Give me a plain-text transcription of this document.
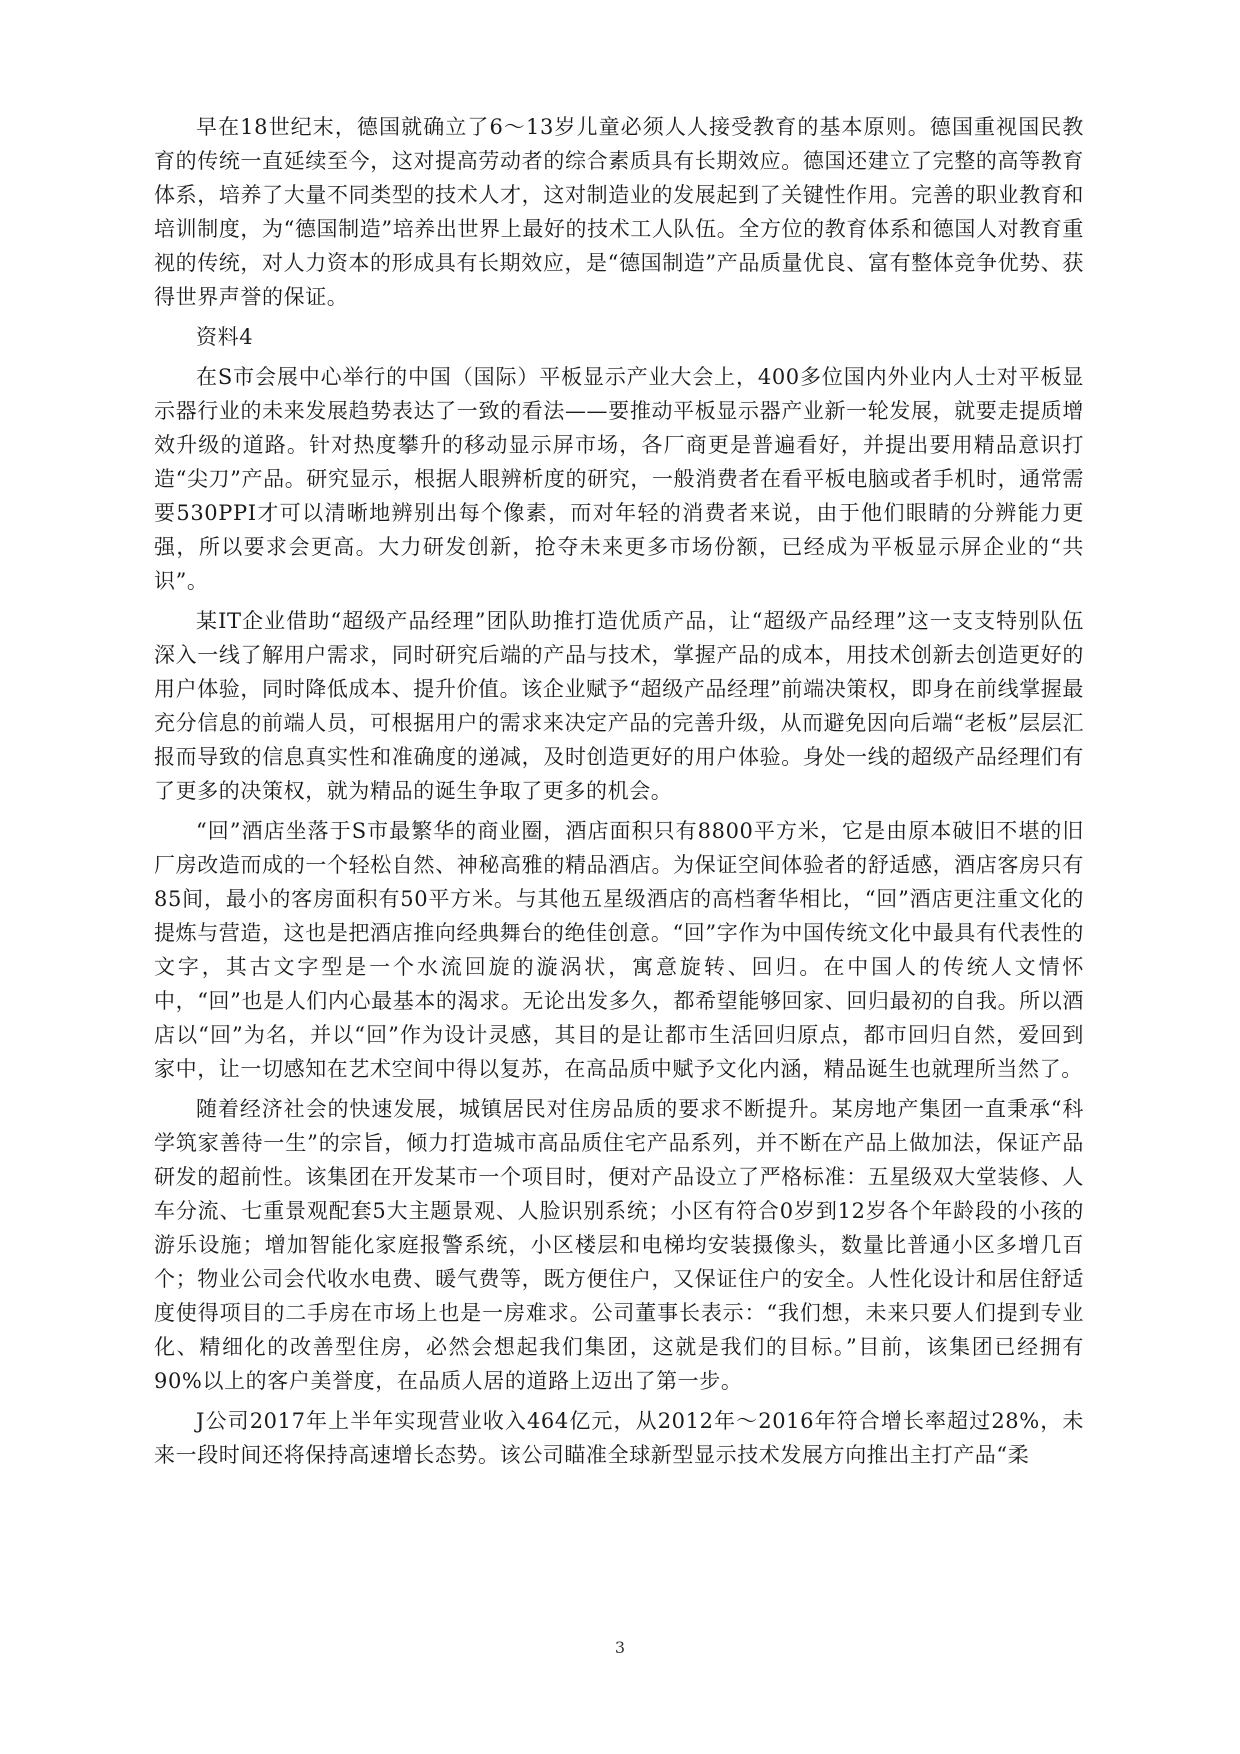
早在18世纪末，德国就确立了6～13岁儿童必须人人接受教育的基本原则。德国重视国民教育的传统一直延续至今，这对提高劳动者的综合素质具有长期效应。德国还建立了完整的高等教育体系，培养了大量不同类型的技术人才，这对制造业的发展起到了关键性作用。完善的职业教育和培训制度，为“德国制造”培养出世界上最好的技术工人队伍。全方位的教育体系和德国人对教育重视的传统，对人力资本的形成具有长期效应，是“德国制造”产品质量优良、富有整体竞争优势、获得世界声誉的保证。

资料4

在S市会展中心举行的中国（国际）平板显示产业大会上，400多位国内外业内人士对平板显示器行业的未来发展趋势表达了一致的看法——要推动平板显示器产业新一轮发展，就要走提质增效升级的道路。针对热度攀升的移动显示屏市场，各厂商更是普遍看好，并提出要用精品意识打造“尖刀”产品。研究显示，根据人眼辨析度的研究，一般消费者在看平板电脑或者手机时，通常需要530PPI才可以清晰地辨别出每个像素，而对年轻的消费者来说，由于他们眼睛的分辨能力更强，所以要求会更高。大力研发创新，抢夺未来更多市场份额，已经成为平板显示屏企业的“共识”。

某IT企业借助“超级产品经理”团队助推打造优质产品，让“超级产品经理”这一支支特别队伍深入一线了解用户需求，同时研究后端的产品与技术，掌握产品的成本，用技术创新去创造更好的用户体验，同时降低成本、提升价值。该企业赋予“超级产品经理”前端决策权，即身在前线掌握最充分信息的前端人员，可根据用户的需求来决定产品的完善升级，从而避免因向后端“老板”层层汇报而导致的信息真实性和准确度的递减，及时创造更好的用户体验。身处一线的超级产品经理们有了更多的决策权，就为精品的诞生争取了更多的机会。

“回”酒店坐落于S市最繁华的商业圈，酒店面积只有8800平方米，它是由原本破旧不堪的旧厂房改造而成的一个轻松自然、神秘高雅的精品酒店。为保证空间体验者的舒适感，酒店客房只有85间，最小的客房面积有50平方米。与其他五星级酒店的高档奢华相比，“回”酒店更注重文化的提炼与营造，这也是把酒店推向经典舞台的绝佳创意。“回”字作为中国传统文化中最具有代表性的文字，其古文字型是一个水流回旋的漩涡状，寓意旋转、回归。在中国人的传统人文情怀中，“回”也是人们内心最基本的渴求。无论出发多久，都希望能够回家、回归最初的自我。所以酒店以“回”为名，并以“回”作为设计灵感，其目的是让都市生活回归原点，都市回归自然，爱回到家中，让一切感知在艺术空间中得以复苏，在高品质中赋予文化内涵，精品诞生也就理所当然了。

随着经济社会的快速发展，城镇居民对住房品质的要求不断提升。某房地产集团一直秉承“科学筑家善待一生”的宗旨，倾力打造城市高品质住宅产品系列，并不断在产品上做加法，保证产品研发的超前性。该集团在开发某市一个项目时，便对产品设立了严格标准：五星级双大堂装修、人车分流、七重景观配套5大主题景观、人脸识别系统；小区有符合0岁到12岁各个年龄段的小孩的游乐设施；增加智能化家庭报警系统，小区楼层和电梯均安装摄像头，数量比普通小区多增几百个；物业公司会代收水电费、暖气费等，既方便住户，又保证住户的安全。人性化设计和居住舒适度使得项目的二手房在市场上也是一房难求。公司董事长表示：“我们想，未来只要人们提到专业化、精细化的改善型住房，必然会想起我们集团，这就是我们的目标。”目前，该集团已经拥有90%以上的客户美誉度，在品质人居的道路上迈出了第一步。

J公司2017年上半年实现营业收入464亿元，从2012年～2016年符合增长率超过28%，未来一段时间还将保持高速增长态势。该公司瞄准全球新型显示技术发展方向推出主打产品“柔

3
